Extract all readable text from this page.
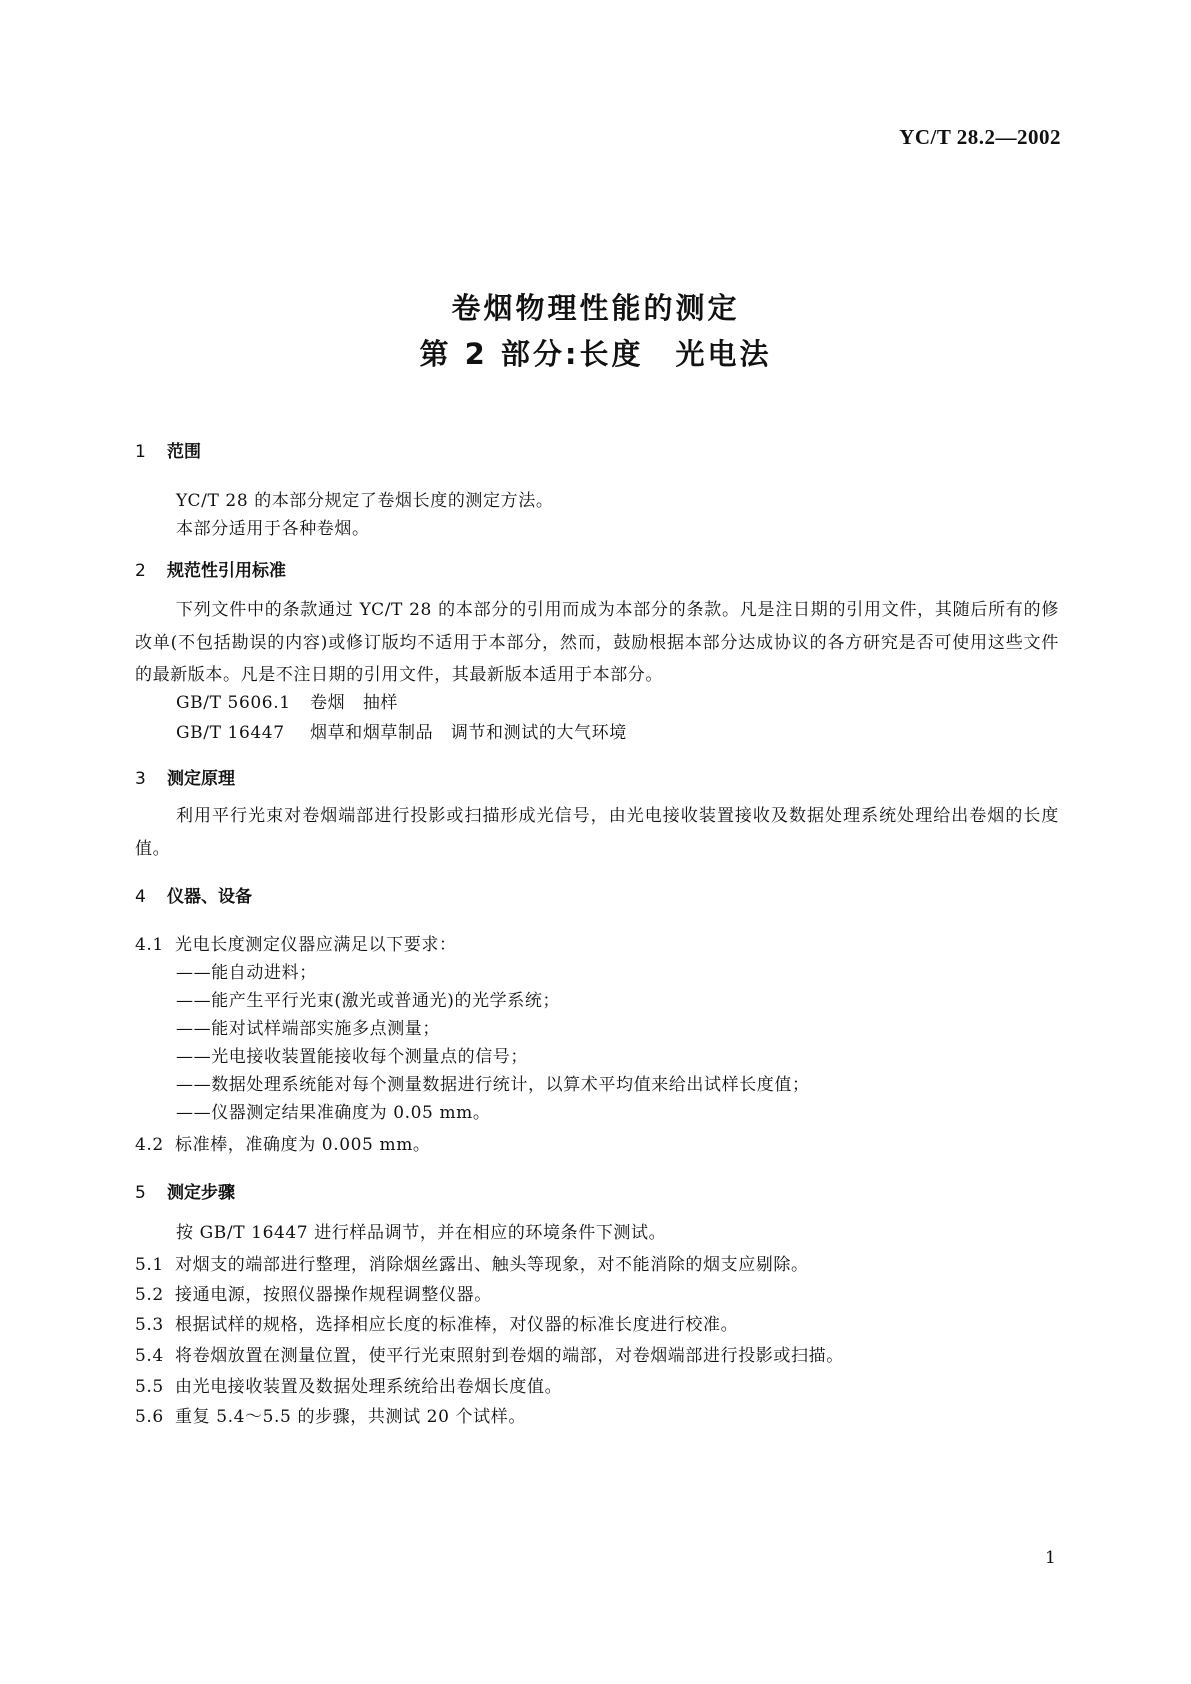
YC/T 28.2—2002
卷烟物理性能的测定
第 2 部分:长度　光电法
1 范围
YC/T 28 的本部分规定了卷烟长度的测定方法。
本部分适用于各种卷烟。
2 规范性引用标准
下列文件中的条款通过 YC/T 28 的本部分的引用而成为本部分的条款。凡是注日期的引用文件，其随后所有的修改单(不包括勘误的内容)或修订版均不适用于本部分，然而，鼓励根据本部分达成协议的各方研究是否可使用这些文件的最新版本。凡是不注日期的引用文件，其最新版本适用于本部分。
GB/T 5606.1 卷烟　抽样
GB/T 16447 烟草和烟草制品　调节和测试的大气环境
3 测定原理
利用平行光束对卷烟端部进行投影或扫描形成光信号，由光电接收装置接收及数据处理系统处理给出卷烟的长度值。
4 仪器、设备
4.1 光电长度测定仪器应满足以下要求：
——能自动进料；
——能产生平行光束(激光或普通光)的光学系统；
——能对试样端部实施多点测量；
——光电接收装置能接收每个测量点的信号；
——数据处理系统能对每个测量数据进行统计，以算术平均值来给出试样长度值；
——仪器测定结果准确度为 0.05 mm。
4.2 标准棒，准确度为 0.005 mm。
5 测定步骤
按 GB/T 16447 进行样品调节，并在相应的环境条件下测试。
5.1 对烟支的端部进行整理，消除烟丝露出、触头等现象，对不能消除的烟支应剔除。
5.2 接通电源，按照仪器操作规程调整仪器。
5.3 根据试样的规格，选择相应长度的标准棒，对仪器的标准长度进行校准。
5.4 将卷烟放置在测量位置，使平行光束照射到卷烟的端部，对卷烟端部进行投影或扫描。
5.5 由光电接收装置及数据处理系统给出卷烟长度值。
5.6 重复 5.4～5.5 的步骤，共测试 20 个试样。
1
